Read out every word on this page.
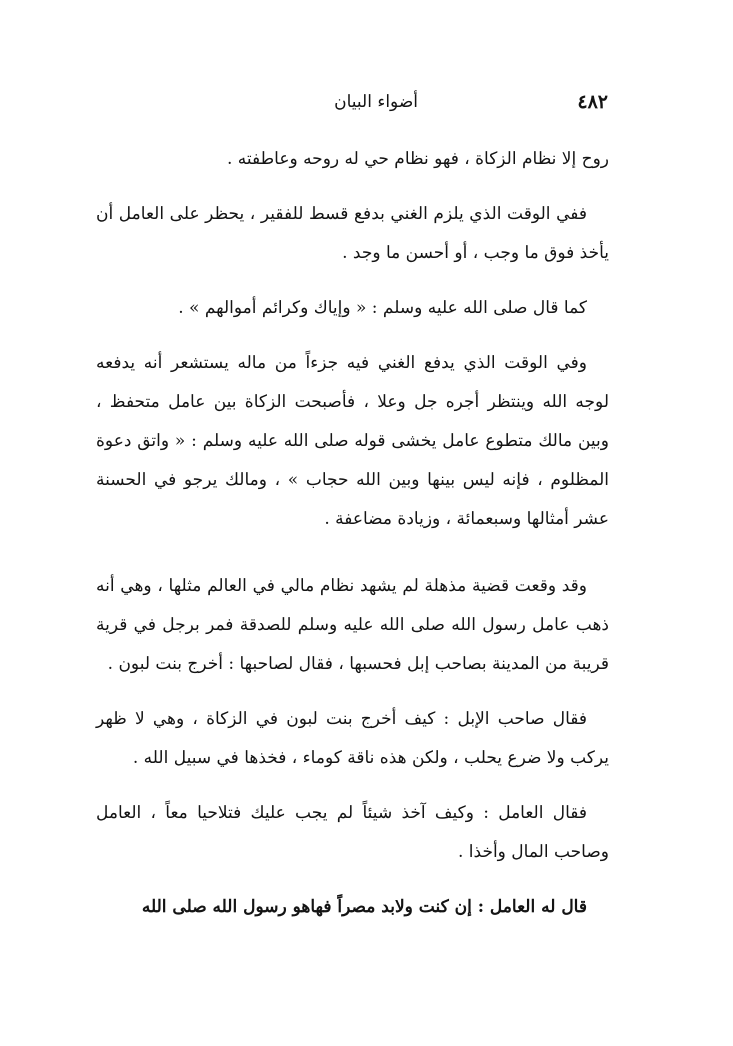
٤٨٢
أضواء البيان

روح إلا نظام الزكاة ، فهو نظام حي له روحه وعاطفته .

ففي الوقت الذي يلزم الغني بدفع قسط للفقير ، يحظر على العامل أن يأخذ فوق ما وجب ، أو أحسن ما وجد .

كما قال صلى الله عليه وسلم : « وإياك وكرائم أموالهم » .

وفي الوقت الذي يدفع الغني فيه جزءاً من ماله يستشعر أنه يدفعه لوجه الله وينتظر أجره جل وعلا ، فأصبحت الزكاة بين عامل متحفظ ، وبين مالك متطوع عامل يخشى قوله صلى الله عليه وسلم : « واتق دعوة المظلوم ، فإنه ليس بينها وبين الله حجاب » ، ومالك يرجو في الحسنة عشر أمثالها وسبعمائة ، وزيادة مضاعفة .

وقد وقعت قضية مذهلة لم يشهد نظام مالي في العالم مثلها ، وهي أنه ذهب عامل رسول الله صلى الله عليه وسلم للصدقة فمر برجل في قرية قريبة من المدينة بصاحب إبل فحسبها ، فقال لصاحبها : أخرج بنت لبون .

فقال صاحب الإبل : كيف أخرج بنت لبون في الزكاة ، وهي لا ظهر يركب ولا ضرع يحلب ، ولكن هذه ناقة كوماء ، فخذها في سبيل الله .

فقال العامل : وكيف آخذ شيئاً لم يجب عليك فتلاحيا معاً ، العامل وصاحب المال وأخذا .

قال له العامل : إن كنت ولابد مصراً فهاهو رسول الله صلى الله
